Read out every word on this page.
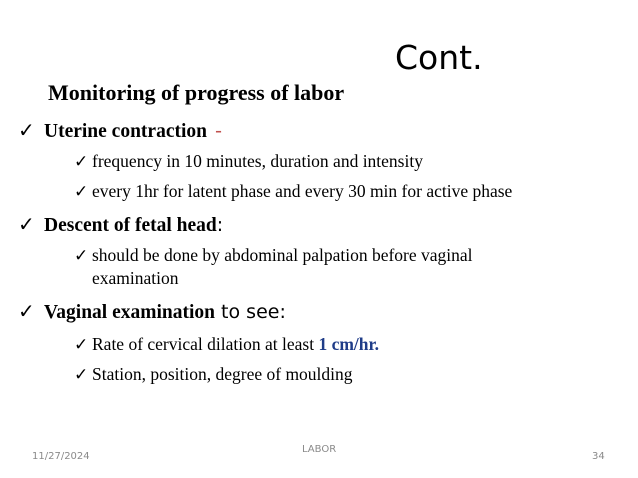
Cont.
Monitoring of progress of labor
✓ Uterine contraction -
✓ frequency in 10 minutes, duration and intensity
✓ every 1hr for latent phase and every 30 min for active phase
✓ Descent of fetal head:
✓ should be done by abdominal palpation before vaginal
examination
✓ Vaginal examination to see:
✓ Rate of cervical dilation at least 1 cm/hr.
✓ Station, position, degree of moulding
11/27/2024
LABOR
34
